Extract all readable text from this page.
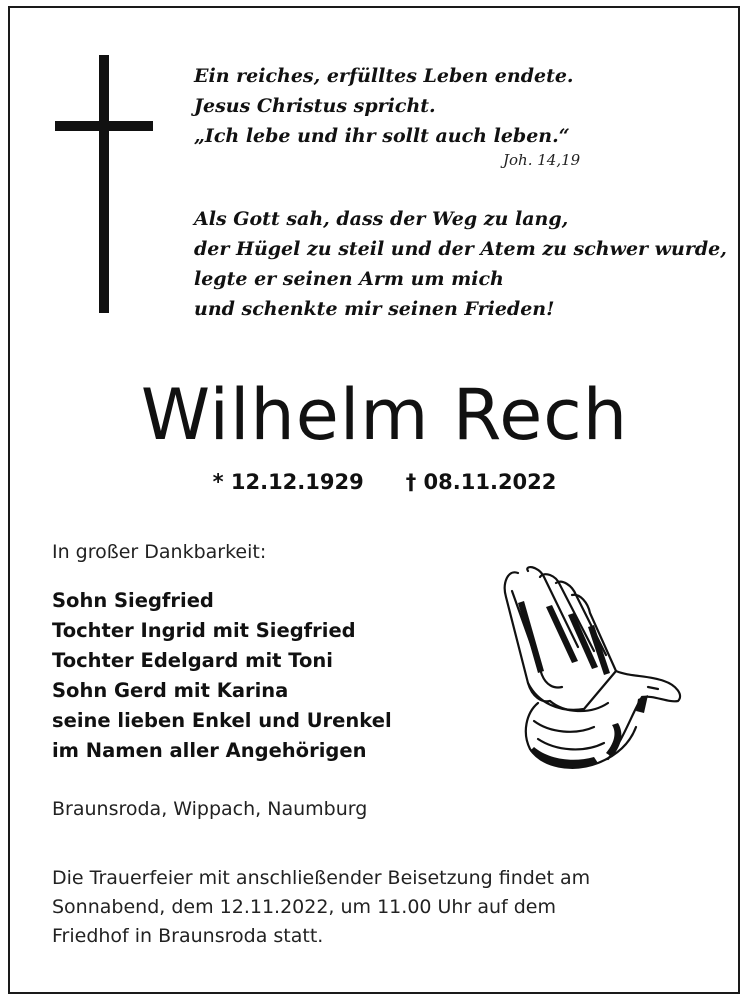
Ein reiches, erfülltes Leben endete.
Jesus Christus spricht.
„Ich lebe und ihr sollt auch leben.“
Joh. 14,19
Als Gott sah, dass der Weg zu lang,
der Hügel zu steil und der Atem zu schwer wurde,
legte er seinen Arm um mich
und schenkte mir seinen Frieden!
Wilhelm Rech
* 12.12.1929 † 08.11.2022
In großer Dankbarkeit:
Sohn Siegfried
Tochter Ingrid mit Siegfried
Tochter Edelgard mit Toni
Sohn Gerd mit Karina
seine lieben Enkel und Urenkel
im Namen aller Angehörigen
Braunsroda, Wippach, Naumburg
Die Trauerfeier mit anschließender Beisetzung findet am
Sonnabend, dem 12.11.2022, um 11.00 Uhr auf dem
Friedhof in Braunsroda statt.
